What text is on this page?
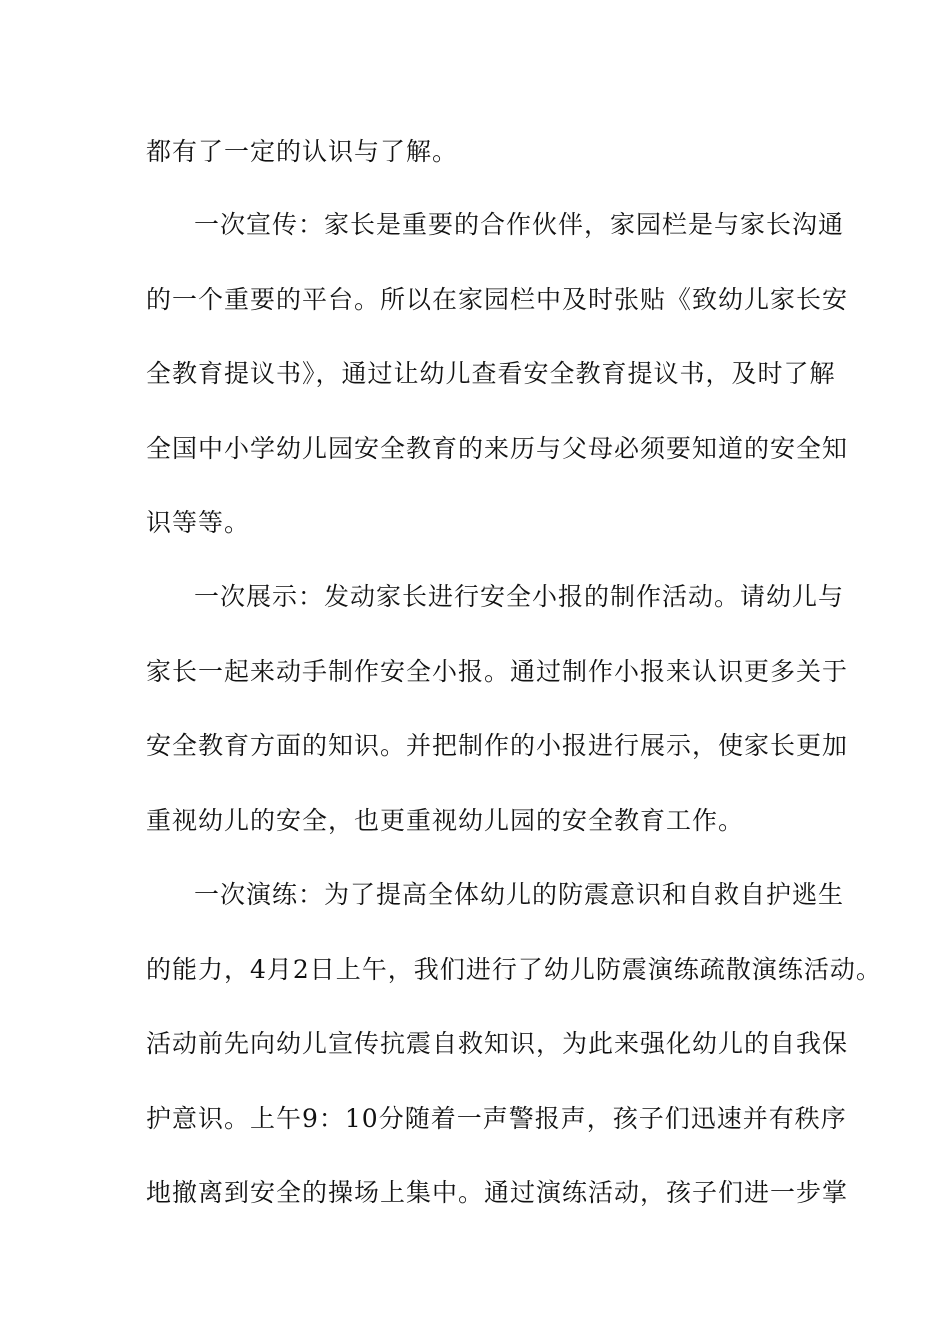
都有了一定的认识与了解。
一次宣传：家长是重要的合作伙伴，家园栏是与家长沟通
的一个重要的平台。所以在家园栏中及时张贴《致幼儿家长安
全教育提议书》，通过让幼儿查看安全教育提议书，及时了解
全国中小学幼儿园安全教育的来历与父母必须要知道的安全知
识等等。
一次展示：发动家长进行安全小报的制作活动。请幼儿与
家长一起来动手制作安全小报。通过制作小报来认识更多关于
安全教育方面的知识。并把制作的小报进行展示，使家长更加
重视幼儿的安全，也更重视幼儿园的安全教育工作。
一次演练：为了提高全体幼儿的防震意识和自救自护逃生
的能力，4月2日上午，我们进行了幼儿防震演练疏散演练活动。
活动前先向幼儿宣传抗震自救知识，为此来强化幼儿的自我保
护意识。上午9：10分随着一声警报声，孩子们迅速并有秩序
地撤离到安全的操场上集中。通过演练活动，孩子们进一步掌
